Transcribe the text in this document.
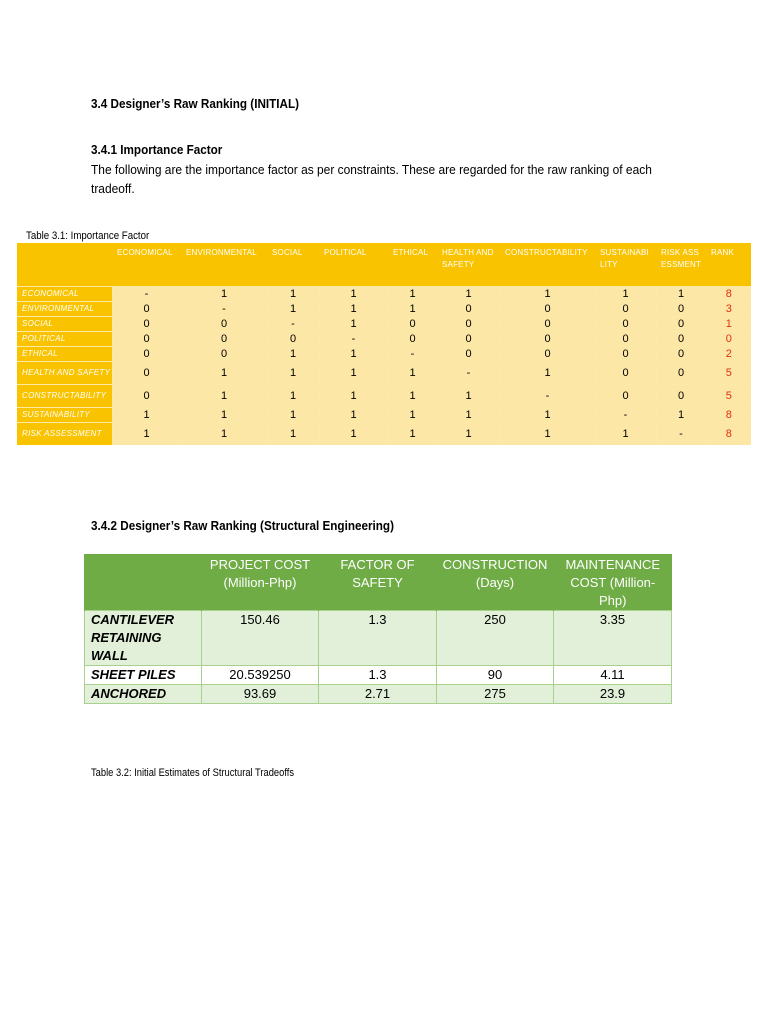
3.4 Designer’s Raw Ranking (INITIAL)
3.4.1 Importance Factor
The following are the importance factor as per constraints. These are regarded for the raw ranking of each tradeoff.
Table 3.1: Importance Factor
	ECONOMICAL	ENVIRONMENTAL	SOCIAL	POLITICAL	ETHICAL	HEALTH AND SAFETY	CONSTRUCTABILITY	SUSTAINABILITY	RISK ASSESSMENT	RANK
ECONOMICAL	-	1	1	1	1	1	1	1	1	8
ENVIRONMENTAL	0	-	1	1	1	0	0	0	0	3
SOCIAL	0	0	-	1	0	0	0	0	0	1
POLITICAL	0	0	0	-	0	0	0	0	0	0
ETHICAL	0	0	1	1	-	0	0	0	0	2
HEALTH AND SAFETY	0	1	1	1	1	-	1	0	0	5
CONSTRUCTABILITY	0	1	1	1	1	1	-	0	0	5
SUSTAINABILITY	1	1	1	1	1	1	1	-	1	8
RISK ASSESSMENT	1	1	1	1	1	1	1	1	-	8
3.4.2 Designer’s Raw Ranking (Structural Engineering)
	PROJECT COST (Million-Php)	FACTOR OF SAFETY	CONSTRUCTION (Days)	MAINTENANCE COST (Million- Php)
CANTILEVER RETAINING WALL	150.46	1.3	250	3.35
SHEET PILES	20.539250	1.3	90	4.11
ANCHORED	93.69	2.71	275	23.9
Table 3.2: Initial Estimates of Structural Tradeoffs
